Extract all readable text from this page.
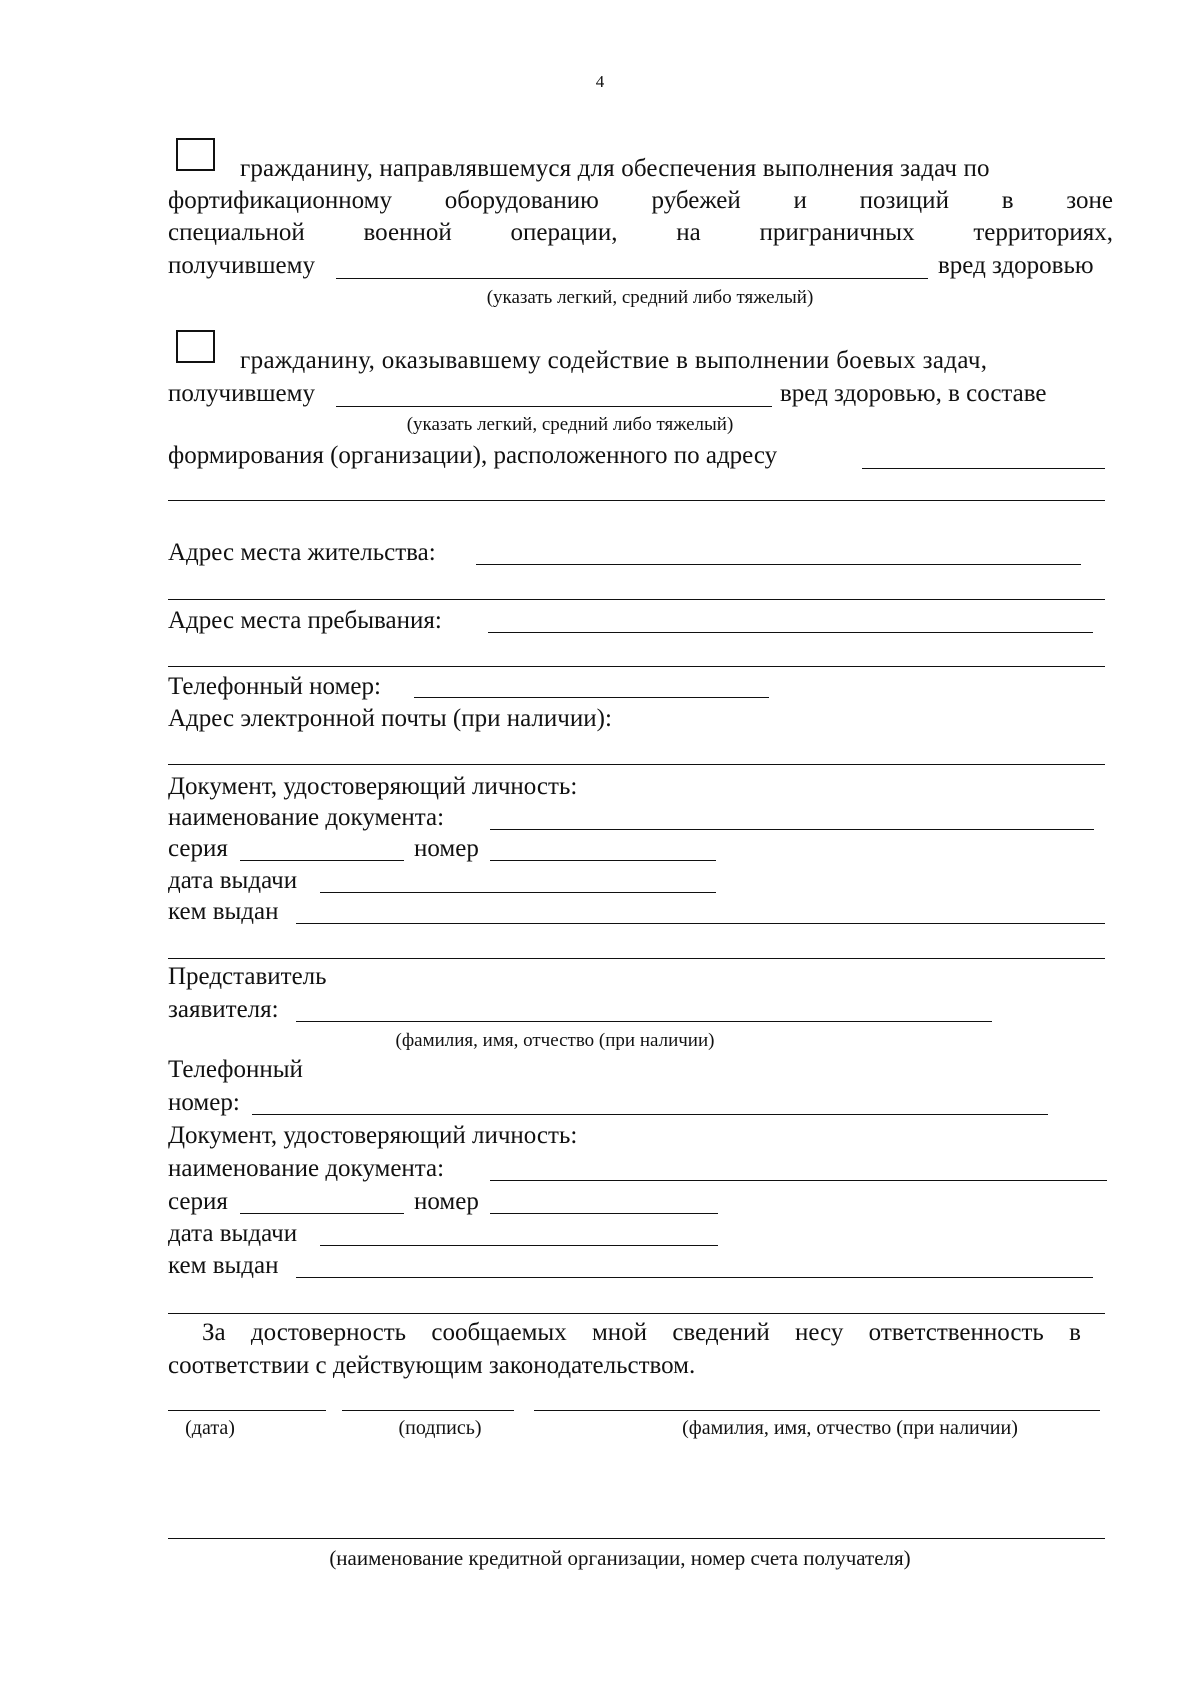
4
гражданину, направлявшемуся для обеспечения выполнения задач по
фортификационному оборудованию рубежей и позиций в зоне
специальной военной операции, на приграничных территориях,
получившему	вред здоровью
(указать легкий, средний либо тяжелый)
гражданину, оказывавшему содействие в выполнении боевых задач,
получившему	вред здоровью, в составе
(указать легкий, средний либо тяжелый)
формирования (организации), расположенного по адресу
Адрес места жительства:
Адрес места пребывания:
Телефонный номер:
Адрес электронной почты (при наличии):
Документ, удостоверяющий личность:
наименование документа:
серия	номер
дата выдачи
кем выдан
Представитель
заявителя:
(фамилия, имя, отчество (при наличии)
Телефонный
номер:
Документ, удостоверяющий личность:
наименование документа:
серия	номер
дата выдачи
кем выдан
За достоверность сообщаемых мной сведений несу ответственность в
соответствии с действующим законодательством.
(дата)	(подпись)	(фамилия, имя, отчество (при наличии)
(наименование кредитной организации, номер счета получателя)
